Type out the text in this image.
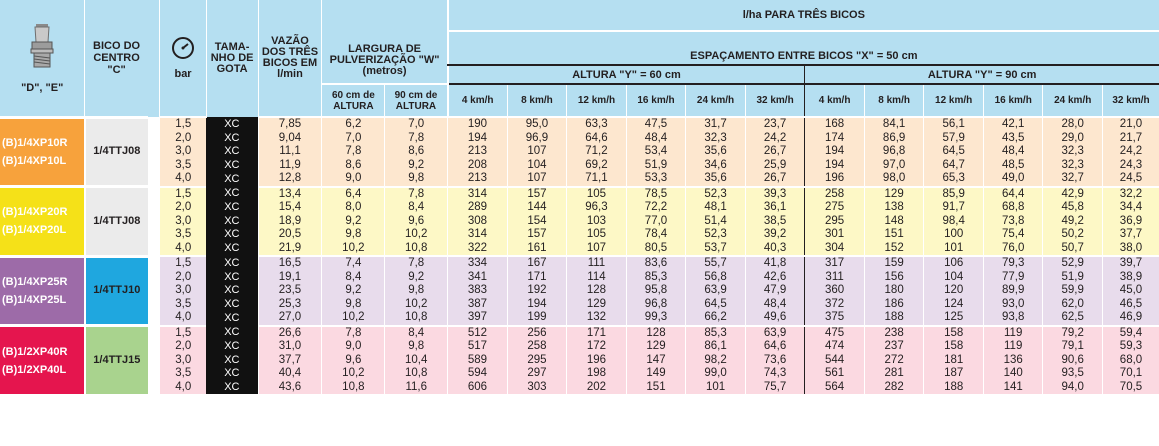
"D", "E"	BICO DO CENTRO "C"		bar	TAMA- NHO DE GOTA	VAZÃO DOS TRÊS BICOS EM l/min	LARGURA DE PULVERIZAÇÃO "W" (metros)		l/ha PARA TRÊS BICOS											
								ESPAÇAMENTO ENTRE BICOS "X" = 50 cm											
								ALTURA "Y" = 60 cm						ALTURA "Y" = 90 cm					
						60 cm de ALTURA	90 cm de ALTURA	4 km/h	8 km/h	12 km/h	16 km/h	24 km/h	32 km/h	4 km/h	8 km/h	12 km/h	16 km/h	24 km/h	32 km/h

(B)1/4XP10R
(B)1/4XP10L	1/4TTJ08		1,5	XC	7,85	6,2	7,0	190	95,0	63,3	47,5	31,7	23,7	168	84,1	56,1	42,1	28,0	21,0
			2,0	XC	9,04	7,0	7,8	194	96,9	64,6	48,4	32,3	24,2	174	86,9	57,9	43,5	29,0	21,7
			3,0	XC	11,1	7,8	8,6	213	107	71,2	53,4	35,6	26,7	194	96,8	64,5	48,4	32,3	24,2
			3,5	XC	11,9	8,6	9,2	208	104	69,2	51,9	34,6	25,9	194	97,0	64,7	48,5	32,3	24,3
			4,0	XC	12,8	9,0	9,8	213	107	71,1	53,3	35,6	26,7	196	98,0	65,3	49,0	32,7	24,5

(B)1/4XP20R
(B)1/4XP20L	1/4TTJ08		1,5	XC	13,4	6,4	7,8	314	157	105	78,5	52,3	39,3	258	129	85,9	64,4	42,9	32,2
			2,0	XC	15,4	8,0	8,4	289	144	96,3	72,2	48,1	36,1	275	138	91,7	68,8	45,8	34,4
			3,0	XC	18,9	9,2	9,6	308	154	103	77,0	51,4	38,5	295	148	98,4	73,8	49,2	36,9
			3,5	XC	20,5	9,8	10,2	314	157	105	78,4	52,3	39,2	301	151	100	75,4	50,2	37,7
			4,0	XC	21,9	10,2	10,8	322	161	107	80,5	53,7	40,3	304	152	101	76,0	50,7	38,0

(B)1/4XP25R
(B)1/4XP25L	1/4TTJ10		1,5	XC	16,5	7,4	7,8	334	167	111	83,6	55,7	41,8	317	159	106	79,3	52,9	39,7
			2,0	XC	19,1	8,4	9,2	341	171	114	85,3	56,8	42,6	311	156	104	77,9	51,9	38,9
			3,0	XC	23,5	9,2	9,8	383	192	128	95,8	63,9	47,9	360	180	120	89,9	59,9	45,0
			3,5	XC	25,3	9,8	10,2	387	194	129	96,8	64,5	48,4	372	186	124	93,0	62,0	46,5
			4,0	XC	27,0	10,2	10,8	397	199	132	99,3	66,2	49,6	375	188	125	93,8	62,5	46,9

(B)1/2XP40R
(B)1/2XP40L	1/4TTJ15		1,5	XC	26,6	7,8	8,4	512	256	171	128	85,3	63,9	475	238	158	119	79,2	59,4
			2,0	XC	31,0	9,0	9,8	517	258	172	129	86,1	64,6	474	237	158	119	79,1	59,3
			3,0	XC	37,7	9,6	10,4	589	295	196	147	98,2	73,6	544	272	181	136	90,6	68,0
			3,5	XC	40,4	10,2	10,8	594	297	198	149	99,0	74,3	561	281	187	140	93,5	70,1
			4,0	XC	43,6	10,8	11,6	606	303	202	151	101	75,7	564	282	188	141	94,0	70,5
